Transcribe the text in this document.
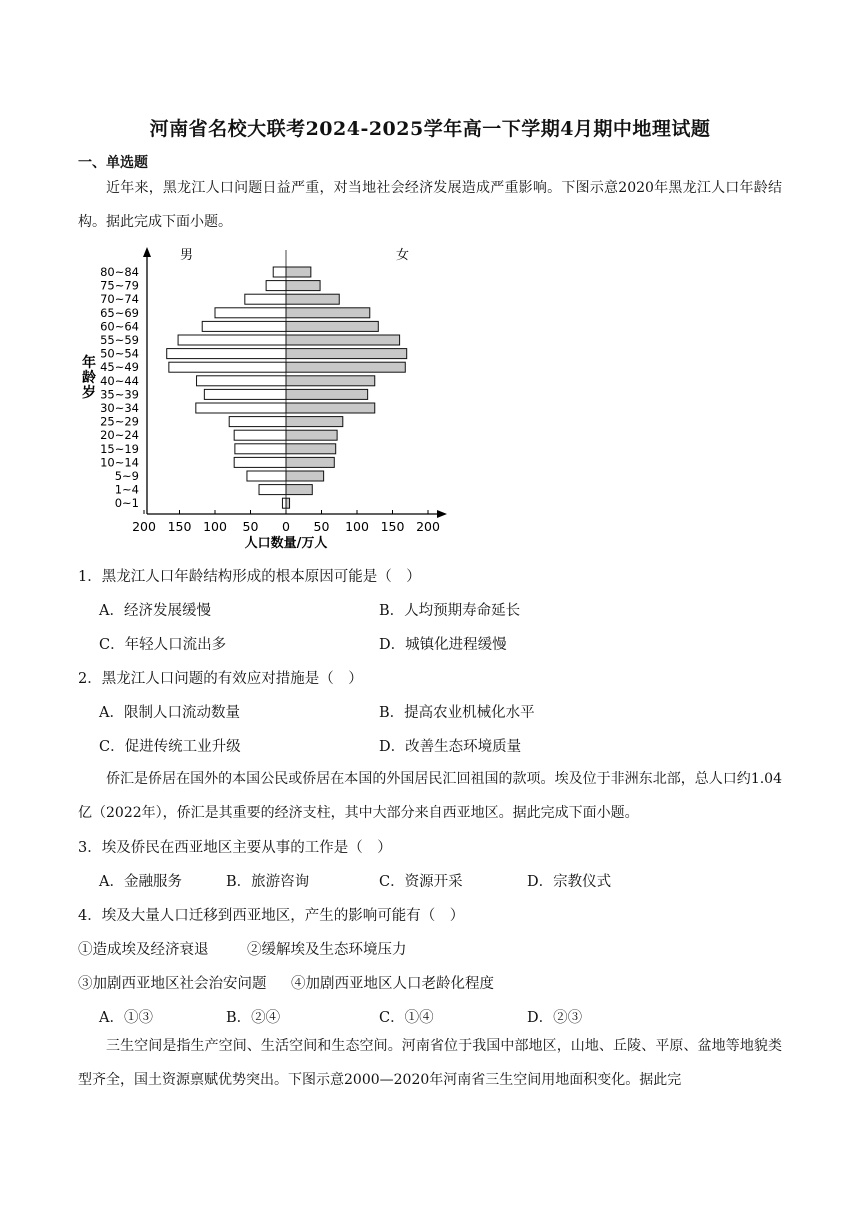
河南省名校大联考2024-2025学年高一下学期4月期中地理试题
一、单选题
近年来，黑龙江人口问题日益严重，对当地社会经济发展造成严重影响。下图示意2020年黑龙江人口年龄结构。据此完成下面小题。
200 150 100 50 0 50 100 150 200
0~1
1~4
5~9
10~14
15~19
20~24
25~29
30~34
35~39
40~44
45~49
50~54
55~59
60~64
65~69
70~74
75~79
80~84
男	女
年
龄
岁
人口数量/万人
1．黑龙江人口年龄结构形成的根本原因可能是（　）
A．经济发展缓慢	B．人均预期寿命延长
C．年轻人口流出多	D．城镇化进程缓慢
2．黑龙江人口问题的有效应对措施是（　）
A．限制人口流动数量	B．提高农业机械化水平
C．促进传统工业升级	D．改善生态环境质量
侨汇是侨居在国外的本国公民或侨居在本国的外国居民汇回祖国的款项。埃及位于非洲东北部，总人口约1.04亿（2022年），侨汇是其重要的经济支柱，其中大部分来自西亚地区。据此完成下面小题。
3．埃及侨民在西亚地区主要从事的工作是（　）
A．金融服务	B．旅游咨询	C．资源开采	D．宗教仪式
4．埃及大量人口迁移到西亚地区，产生的影响可能有（　）
①造成埃及经济衰退	②缓解埃及生态环境压力
③加剧西亚地区社会治安问题 ④加剧西亚地区人口老龄化程度
A．①③	B．②④	C．①④	D．②③
三生空间是指生产空间、生活空间和生态空间。河南省位于我国中部地区，山地、丘陵、平原、盆地等地貌类型齐全，国土资源禀赋优势突出。下图示意2000—2020年河南省三生空间用地面积变化。据此完
